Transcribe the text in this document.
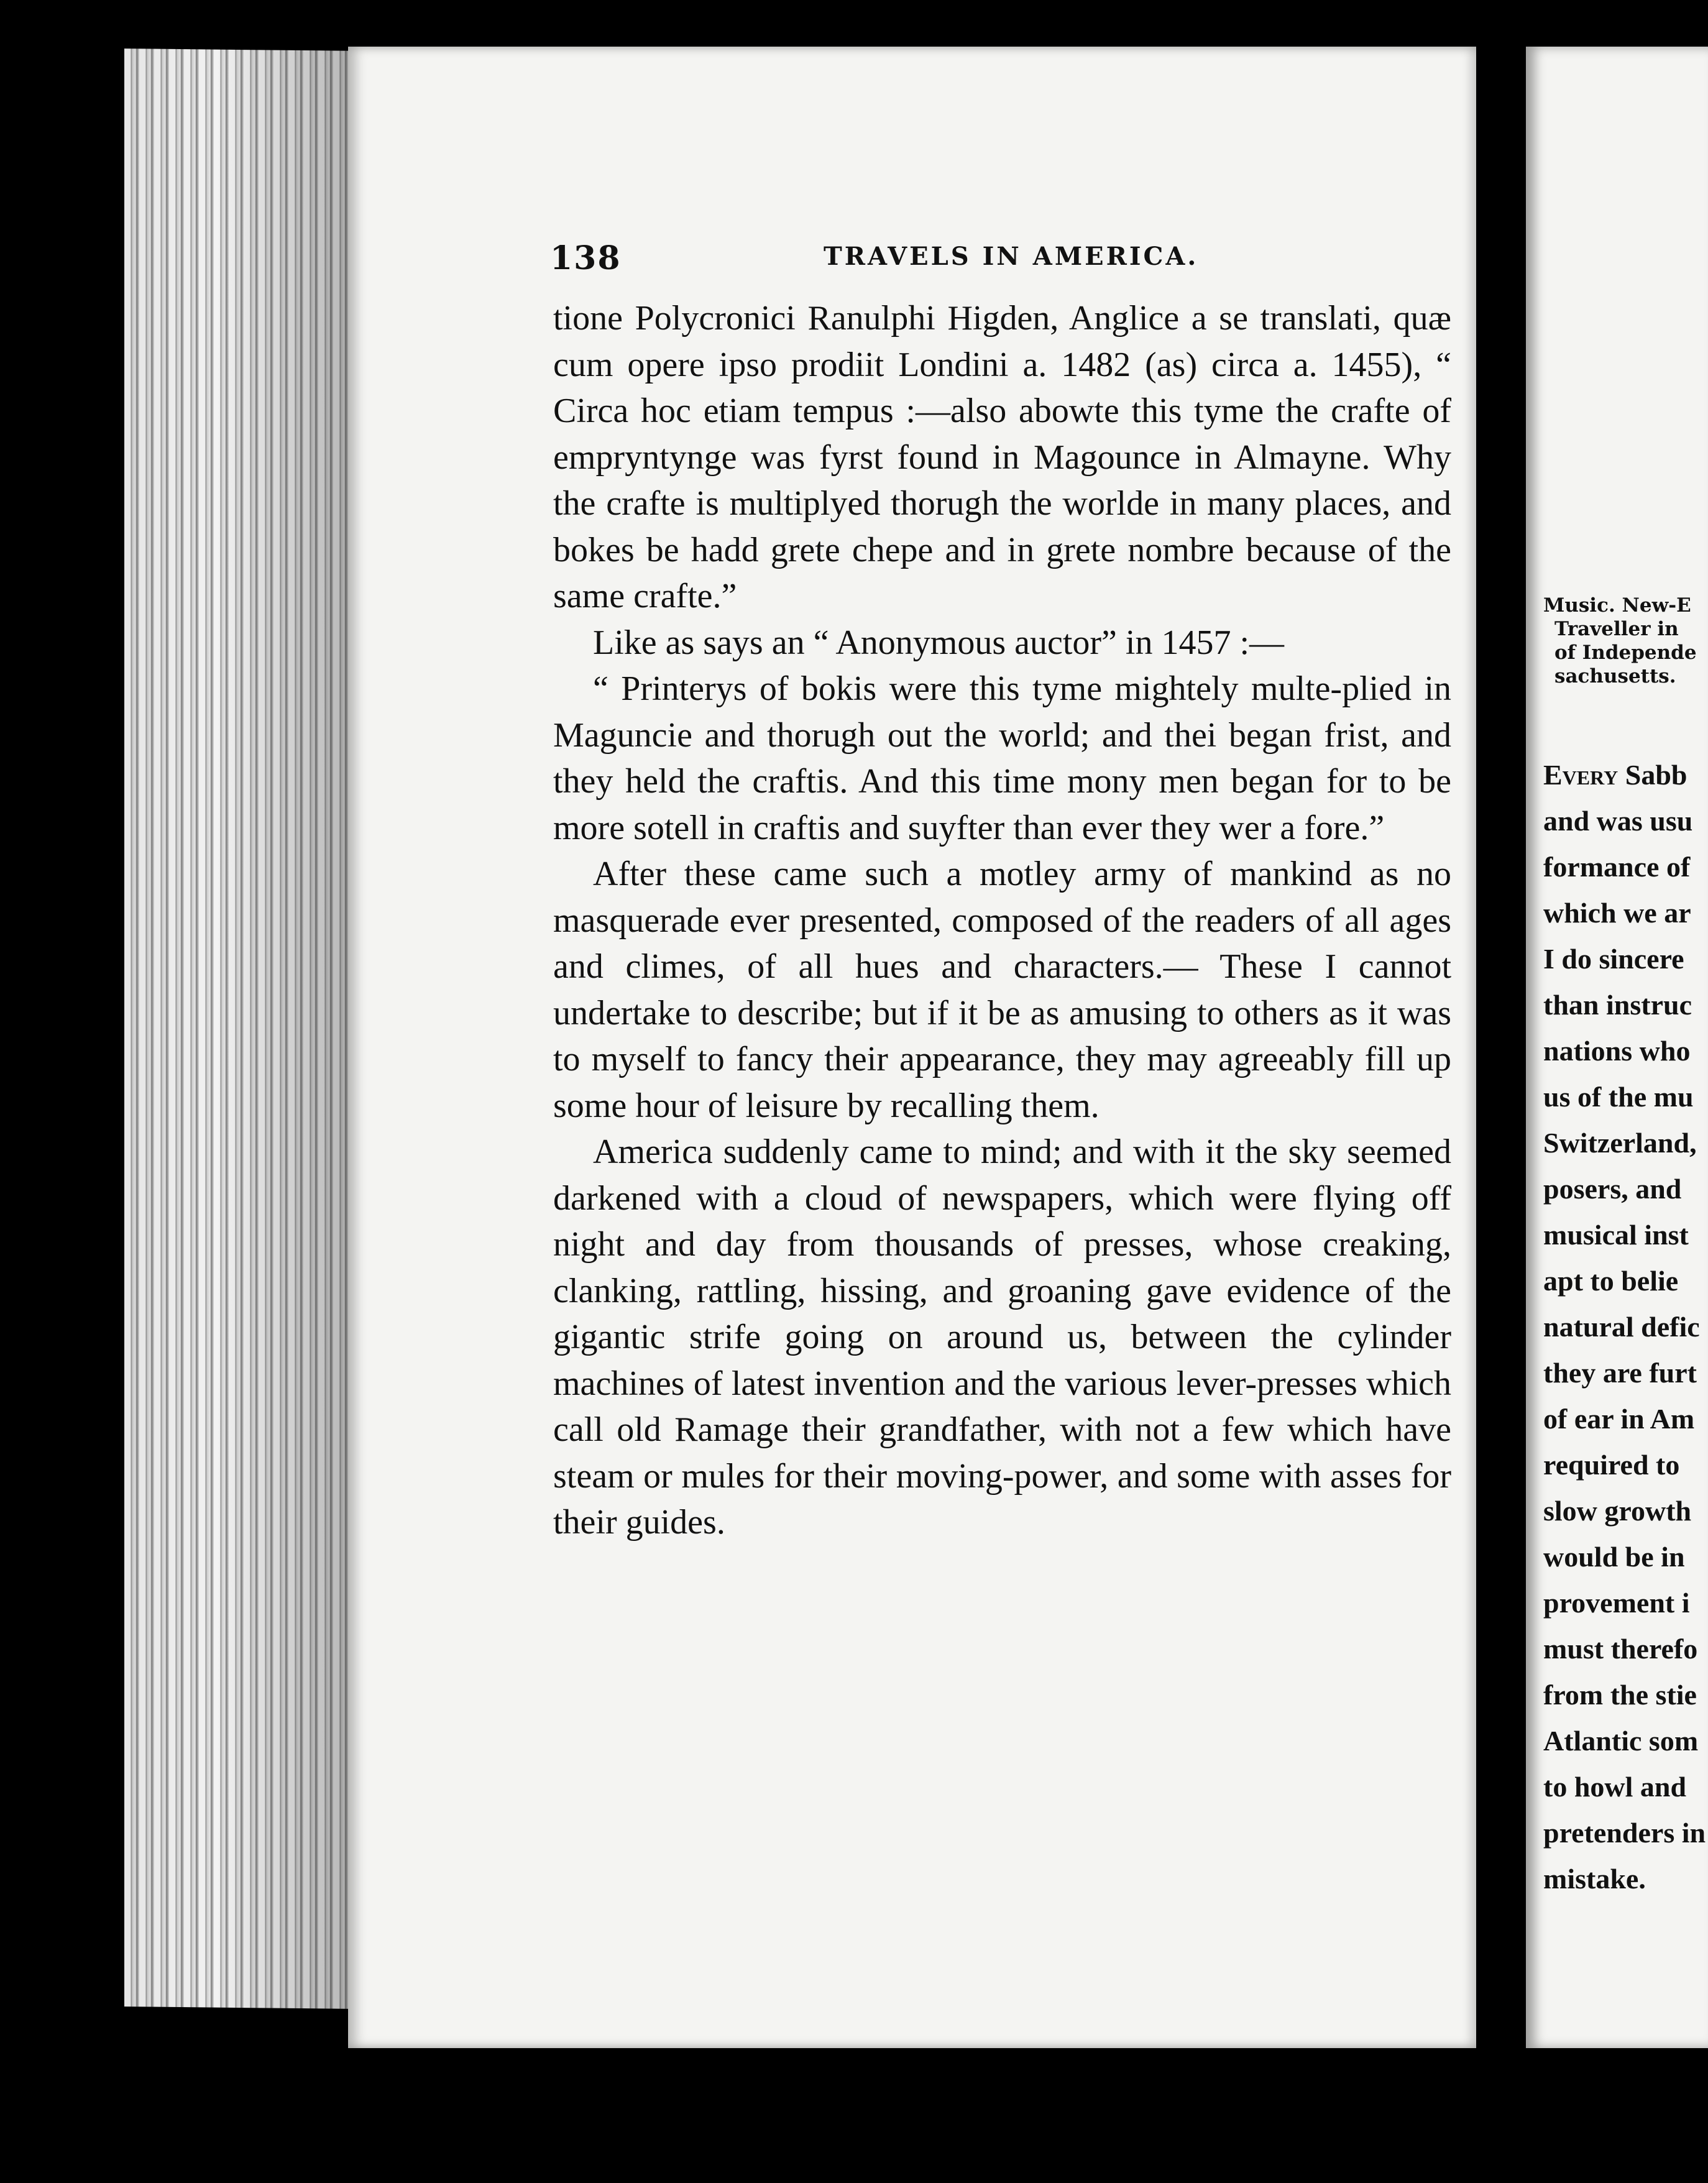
138	TRAVELS IN AMERICA.

tione Polycronici Ranulphi Higden, Anglice a se translati, quæ cum opere ipso prodiit Londini a. 1482 (as) circa a. 1455), “ Circa hoc etiam tempus :—also abowte this tyme the crafte of empryntynge was fyrst found in Magounce in Almayne. Why the crafte is multiplyed thorugh the worlde in many places, and bokes be hadd grete chepe and in grete nombre because of the same crafte.”

Like as says an “ Anonymous auctor” in 1457 :—

“ Printerys of bokis were this tyme mightely multe-plied in Maguncie and thorugh out the world; and thei began frist, and they held the craftis. And this time mony men began for to be more sotell in craftis and suyfter than ever they wer a fore.”

After these came such a motley army of mankind as no masquerade ever presented, composed of the readers of all ages and climes, of all hues and characters.— These I cannot undertake to describe; but if it be as amusing to others as it was to myself to fancy their appearance, they may agreeably fill up some hour of leisure by recalling them.

America suddenly came to mind; and with it the sky seemed darkened with a cloud of newspapers, which were flying off night and day from thousands of presses, whose creaking, clanking, rattling, hissing, and groaning gave evidence of the gigantic strife going on around us, between the cylinder machines of latest invention and the various lever-presses which call old Ramage their grandfather, with not a few which have steam or mules for their moving-power, and some with asses for their guides.

Music. New-E
Traveller in
of Independe
sachusetts.
Every Sabb
and was usu
formance of
which we ar
I do sincere
than instruc
nations who
us of the mu
Switzerland,
posers, and
musical inst
apt to belie
natural defic
they are furt
of ear in Am
required to
slow growth
would be in
provement i
must therefo
from the stie
Atlantic som
to howl and
pretenders in
mistake.
